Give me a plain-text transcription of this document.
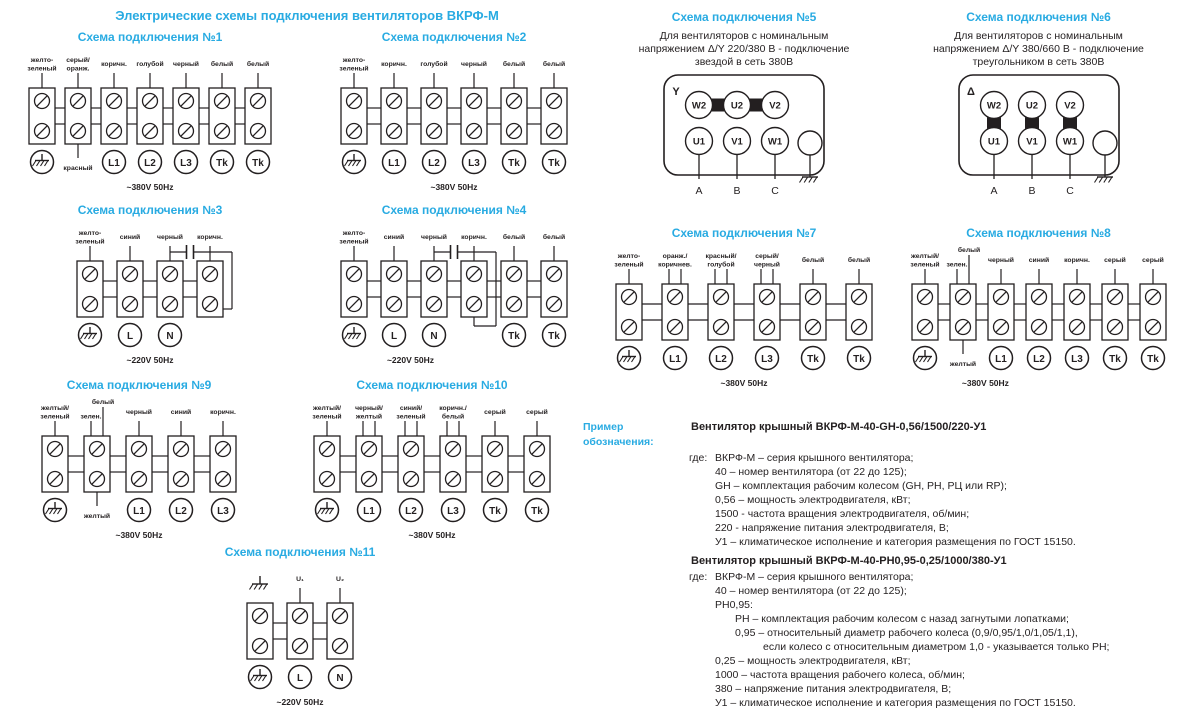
Электрические схемы подключения вентиляторов ВКРФ-М
Схема подключения №1
желто-
зеленый
серый/
оранж.
красный
коричн.
L1
голубой
L2
черный
L3
белый
Tk
белый
Tk
~380V 50Hz
Схема подключения №2
желто-
зеленый
коричн.
L1
голубой
L2
черный
L3
белый
Tk
белый
Tk
~380V 50Hz
Схема подключения №3
желто-
зеленый
синий
L
черный
N
коричн.
~220V 50Hz
Схема подключения №4
желто-
зеленый
синий
L
черный
N
коричн. белый
Tk
белый
Tk
~220V 50Hz
Схема подключения №5
Для вентиляторов с номинальным
напряжением Δ/Y 220/380 В - подключение
звездой в сеть 380В
Y
W2
U1
A
U2
V1
B
V2
W1
C
Схема подключения №6
Для вентиляторов с номинальным
напряжением Δ/Y 380/660 В - подключение
треугольником в сеть 380В
Δ
W2
U1
A
U2
V1
B
V2
W1
C
Схема подключения №7
желто-
зеленый
оранж./
коричнев.
L1
красный/
голубой
L2
серый/
черный
L3
белый
Tk
белый
Tk
~380V 50Hz
Схема подключения №8
желтый/
зеленый
белый
зелен.
желтый
черный
L1
синий
L2
коричн.
L3
серый
Tk
серый
Tk
~380V 50Hz
Схема подключения №9
желтый/
зеленый
белый
зелен.
желтый
черный
L1
синий
L2
коричн.
L3
~380V 50Hz
Схема подключения №10
желтый/
зеленый
черный/
желтый
L1
синий/
зеленый
L2
коричн./
белый
L3
серый
Tk
серый
Tk
~380V 50Hz
Схема подключения №11
U₁
L
U₂
N
~220V 50Hz
Пример обозначения:
Вентилятор крышный ВКРФ-М-40-GH-0,56/1500/220-У1
где: ВКРФ-М – серия крышного вентилятора;
40 – номер вентилятора (от 22 до 125);
GH – комплектация рабочим колесом (GH, PH, РЦ или RP);
0,56 – мощность электродвигателя, кВт;
1500 - частота вращения электродвигателя, об/мин;
220 - напряжение питания электродвигателя, В;
У1 – климатическое исполнение и категория размещения по ГОСТ 15150.
Вентилятор крышный ВКРФ-М-40-РН0,95-0,25/1000/380-У1
где: ВКРФ-М – серия крышного вентилятора;
40 – номер вентилятора (от 22 до 125);
РН0,95:
РН – комплектация рабочим колесом с назад загнутыми лопатками;
0,95 – относительный диаметр рабочего колеса (0,9/0,95/1,0/1,05/1,1),
если колесо с относительным диаметром 1,0 - указывается только РН;
0,25 – мощность электродвигателя, кВт;
1000 – частота вращения рабочего колеса, об/мин;
380 – напряжение питания электродвигателя, В;
У1 – климатическое исполнение и категория размещения по ГОСТ 15150.
